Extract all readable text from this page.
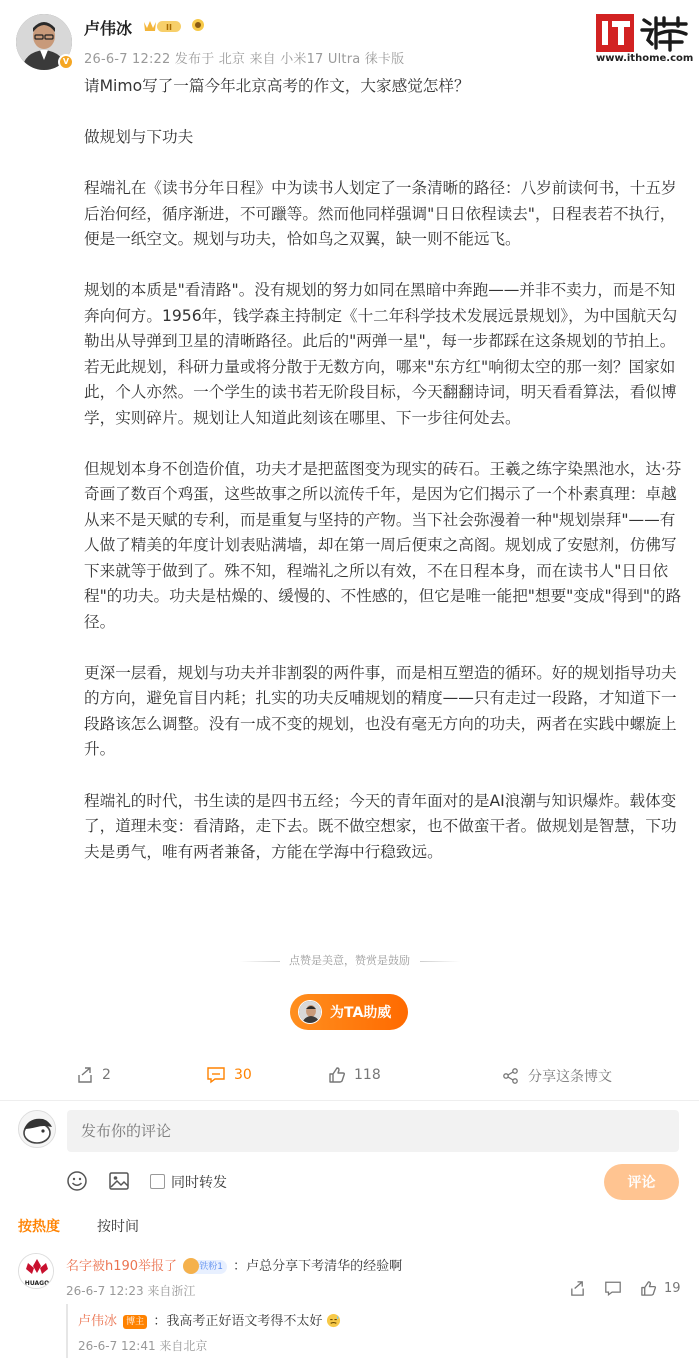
V
卢伟冰	II
26-6-7 12:22 发布于 北京 来自 小米17 Ultra 徕卡版	www.ithome.com

请Mimo写了一篇今年北京高考的作文，大家感觉怎样？

做规划与下功夫

程端礼在《读书分年日程》中为读书人划定了一条清晰的路径：八岁前读何书，十五岁后治何经，循序渐进，不可躐等。然而他同样强调"日日依程读去"，日程表若不执行，便是一纸空文。规划与功夫，恰如鸟之双翼，缺一则不能远飞。

规划的本质是"看清路"。没有规划的努力如同在黑暗中奔跑——并非不卖力，而是不知奔向何方。1956年，钱学森主持制定《十二年科学技术发展远景规划》，为中国航天勾勒出从导弹到卫星的清晰路径。此后的"两弹一星"，每一步都踩在这条规划的节拍上。若无此规划，科研力量或将分散于无数方向，哪来"东方红"响彻太空的那一刻？国家如此，个人亦然。一个学生的读书若无阶段目标，今天翻翻诗词，明天看看算法，看似博学，实则碎片。规划让人知道此刻该在哪里、下一步往何处去。

但规划本身不创造价值，功夫才是把蓝图变为现实的砖石。王羲之练字染黑池水，达·芬奇画了数百个鸡蛋，这些故事之所以流传千年，是因为它们揭示了一个朴素真理：卓越从来不是天赋的专利，而是重复与坚持的产物。当下社会弥漫着一种"规划崇拜"——有人做了精美的年度计划表贴满墙，却在第一周后便束之高阁。规划成了安慰剂，仿佛写下来就等于做到了。殊不知，程端礼之所以有效，不在日程本身，而在读书人"日日依程"的功夫。功夫是枯燥的、缓慢的、不性感的，但它是唯一能把"想要"变成"得到"的路径。

更深一层看，规划与功夫并非割裂的两件事，而是相互塑造的循环。好的规划指导功夫的方向，避免盲目内耗；扎实的功夫反哺规划的精度——只有走过一段路，才知道下一段路该怎么调整。没有一成不变的规划，也没有毫无方向的功夫，两者在实践中螺旋上升。

程端礼的时代，书生读的是四书五经；今天的青年面对的是AI浪潮与知识爆炸。载体变了，道理未变：看清路，走下去。既不做空想家，也不做蛮干者。做规划是智慧，下功夫是勇气，唯有两者兼备，方能在学海中行稳致远。

点赞是美意，赞赏是鼓励
为TA助威
2	30	118	分享这条博文
发布你的评论
同时转发	评论
按热度	按时间
HUAGO
名字被h190举报了 铁粉1 ：卢总分享下考清华的经验啊
26-6-7 12:23 来自浙江	19
卢伟冰 博主 ：我高考正好语文考得不太好
26-6-7 12:41 来自北京
